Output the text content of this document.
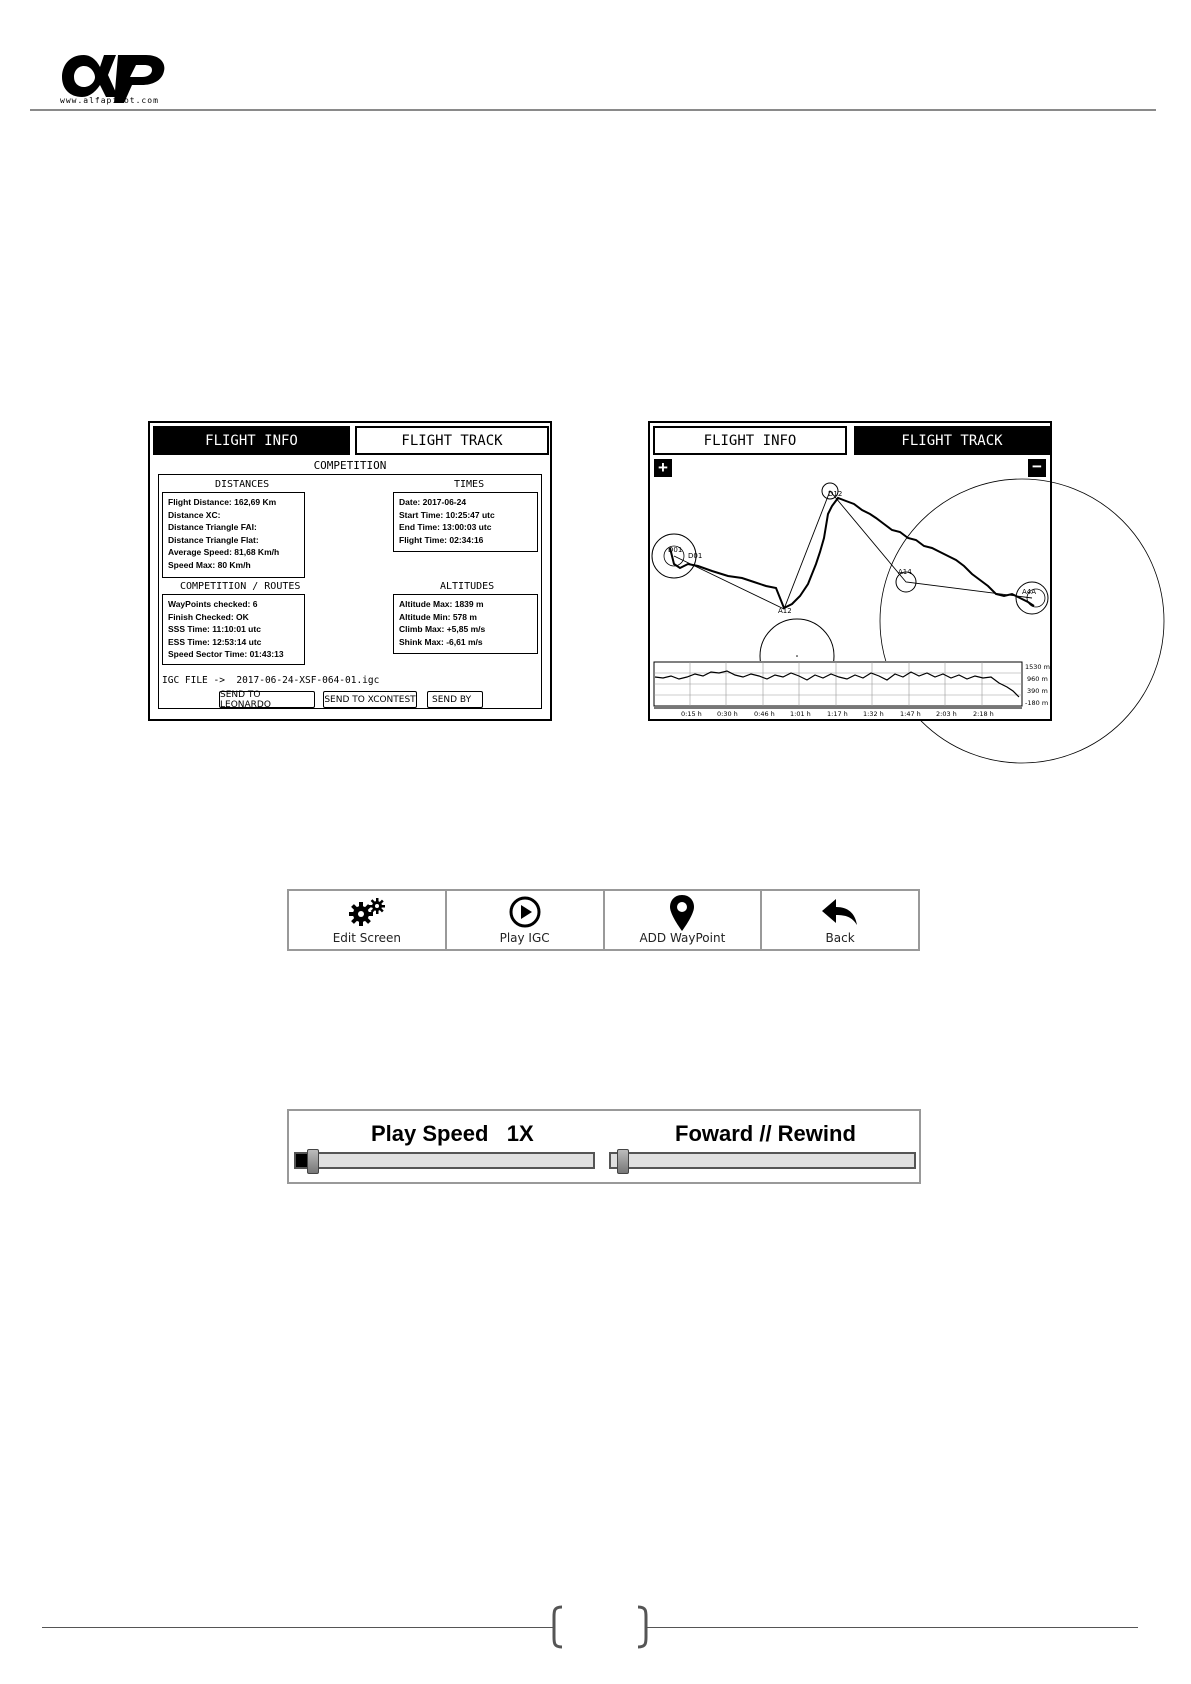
www.alfapilot.com
FLIGHT INFO	FLIGHT TRACK
COMPETITION
DISTANCES
Flight Distance: 162,69 Km
Distance XC:
Distance Triangle FAI:
Distance Triangle Flat:
Average Speed: 81,68 Km/h
Speed Max: 80 Km/h
TIMES
Date: 2017-06-24
Start Time: 10:25:47 utc
End Time: 13:00:03 utc
Flight Time: 02:34:16
COMPETITION / ROUTES
WayPoints checked: 6
Finish Checked: OK
SSS Time: 11:10:01 utc
ESS Time: 12:53:14 utc
Speed Sector Time: 01:43:13
ALTITUDES
Altitude Max: 1839 m
Altitude Min: 578 m
Climb Max: +5,85 m/s
Shink Max: -6,61 m/s
IGC FILE ->  2017-06-24-XSF-064-01.igc
SEND TO LEONARDO	SEND TO XCONTEST	SEND BY
FLIGHT INFO	FLIGHT TRACK
D01
D01
D12
A12
A14
A4A
+	−
1530 m
960 m
390 m
-180 m
0:15 h 0:30 h 0:46 h 1:01 h 1:17 h 1:32 h 1:47 h 2:03 h 2:18 h
Edit Screen	Play IGC	ADD WayPoint	Back
Play Speed   1X	Foward // Rewind
